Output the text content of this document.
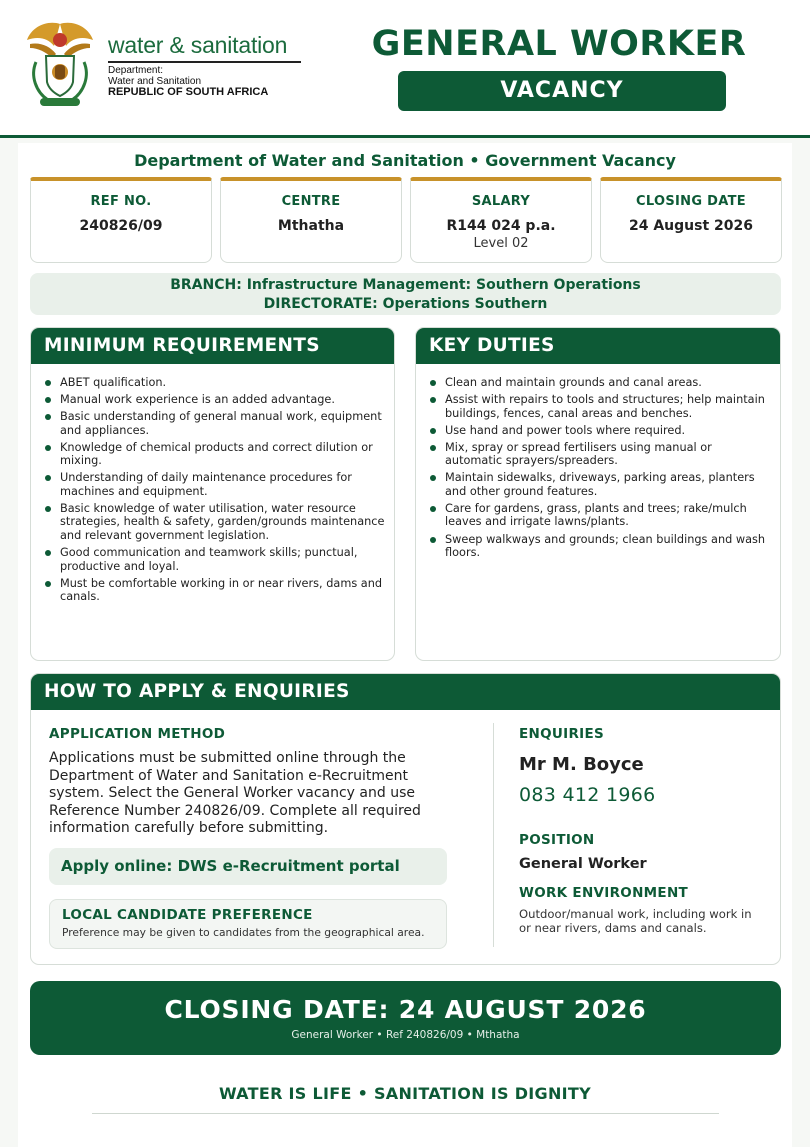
water & sanitation
Department:
Water and Sanitation
REPUBLIC OF SOUTH AFRICA
GENERAL WORKER
VACANCY
Department of Water and Sanitation • Government Vacancy
REF NO.
240826/09
CENTRE
Mthatha
SALARY
R144 024 p.a.
Level 02
CLOSING DATE
24 August 2026
BRANCH: Infrastructure Management: Southern Operations
DIRECTORATE: Operations Southern
MINIMUM REQUIREMENTS
ABET qualification.
Manual work experience is an added advantage.
Basic understanding of general manual work, equipment and appliances.
Knowledge of chemical products and correct dilution or mixing.
Understanding of daily maintenance procedures for machines and equipment.
Basic knowledge of water utilisation, water resource strategies, health & safety, garden/grounds maintenance and relevant government legislation.
Good communication and teamwork skills; punctual, productive and loyal.
Must be comfortable working in or near rivers, dams and canals.
KEY DUTIES
Clean and maintain grounds and canal areas.
Assist with repairs to tools and structures; help maintain buildings, fences, canal areas and benches.
Use hand and power tools where required.
Mix, spray or spread fertilisers using manual or automatic sprayers/spreaders.
Maintain sidewalks, driveways, parking areas, planters and other ground features.
Care for gardens, grass, plants and trees; rake/mulch leaves and irrigate lawns/plants.
Sweep walkways and grounds; clean buildings and wash floors.
HOW TO APPLY & ENQUIRIES
APPLICATION METHOD
Applications must be submitted online through the Department of Water and Sanitation e-Recruitment system. Select the General Worker vacancy and use Reference Number 240826/09. Complete all required information carefully before submitting.
Apply online: DWS e-Recruitment portal
LOCAL CANDIDATE PREFERENCE
Preference may be given to candidates from the geographical area.
ENQUIRIES
Mr M. Boyce
083 412 1966
POSITION
General Worker
WORK ENVIRONMENT
Outdoor/manual work, including work in or near rivers, dams and canals.
CLOSING DATE: 24 AUGUST 2026
General Worker • Ref 240826/09 • Mthatha
WATER IS LIFE • SANITATION IS DIGNITY
